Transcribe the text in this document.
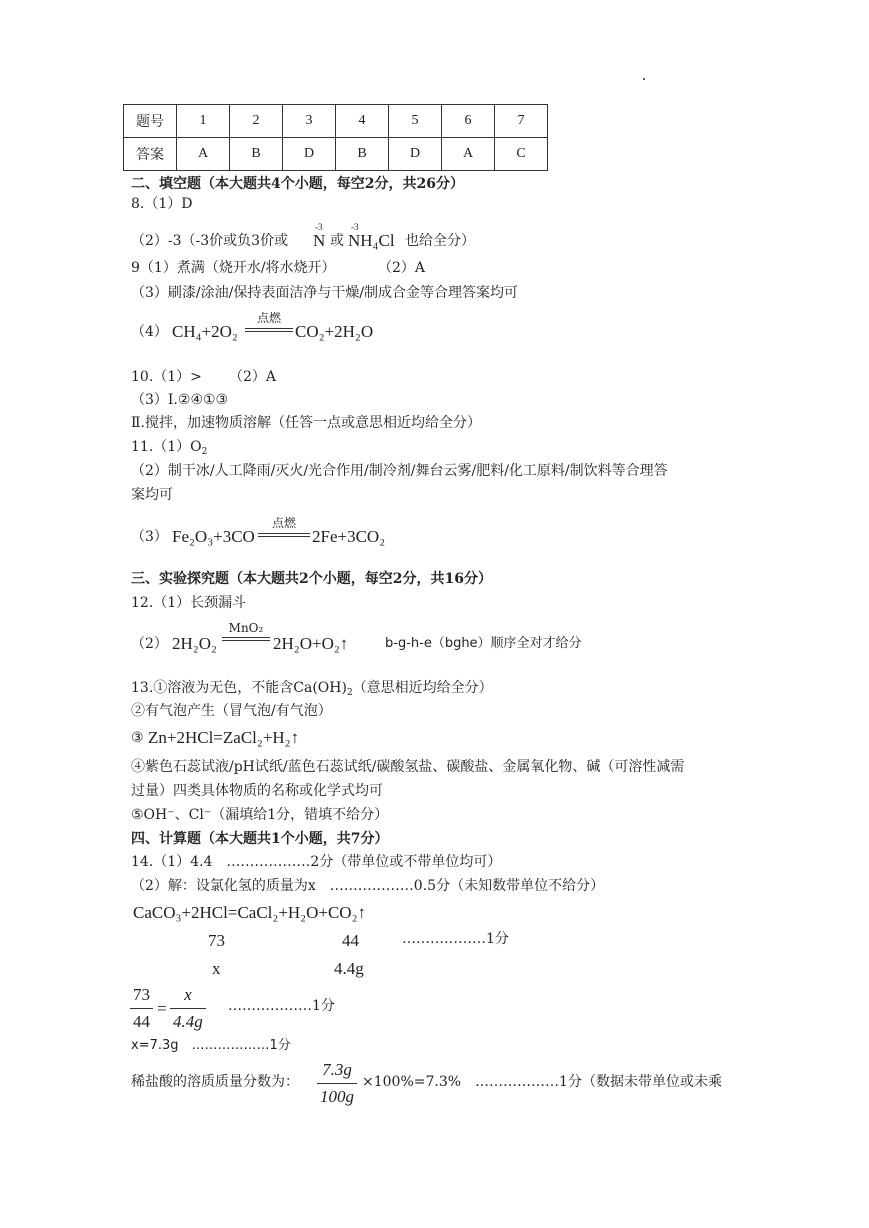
题号	1	2	3	4	5	6	7
答案	A	B	D	B	D	A	C
二、填空题（本大题共4个小题，每空2分，共26分）
8.（1）D
（2）-3（-3价或负3价或
-3
N 或
-3
NH₄Cl 也给全分）
9（1）煮满（烧开水/将水烧开）	（2）A
（3）刷漆/涂油/保持表面洁净与干燥/制成合金等合理答案均可
（4） CH₄+2O₂
点燃
CO₂+2H₂O
10.（1）> （2）A
（3）Ⅰ.②④①③
Ⅱ.搅拌，加速物质溶解（任答一点或意思相近均给全分）
$11.(1)O_2$
（2）制干冰/人工降雨/灭火/光合作用/制冷剂/舞台云雾/肥料/化工原料/制饮料等合理答
案均可
（3） Fe₂O₃+3CO
点燃
2Fe+3CO₂
三、实验探究题（本大题共2个小题，每空2分，共16分）
12.（1）长颈漏斗
（2） 2H₂O₂
MnO₂
2H₂O+O₂↑	b-g-h-e（bghe）顺序全对才给分
13.①溶液为无色，不能含$Ca(OH)_2$（意思相近均给全分）
②有气泡产生（冒气泡/有气泡）
③ Zn+2HCl=ZaCl₂+H₂↑
④紫色石蕊试液/pH试纸/蓝色石蕊试纸/碳酸氢盐、碳酸盐、金属氧化物、碱（可溶性减需
过量）四类具体物质的名称或化学式均可
⑤OH⁻、Cl⁻（漏填给1分，错填不给分）
四、计算题（本大题共1个小题，共7分）
14.（1）4.4　………………2分（带单位或不带单位均可）
（2）解：设氯化氢的质量为x　………………0.5分（未知数带单位不给分）
CaCO₃+2HCl=CaCl₂+H₂O+CO₂↑
73	44	………………1分
x	4.4g
$\frac{73}{44} = \frac{x}{4.4g}$ ………………1分
x=7.3g　………………1分
稀盐酸的溶质质量分数为： $\frac{7.3g}{100g} \times 100\%=7.3\%$　………………1分（数据未带单位或未乘
